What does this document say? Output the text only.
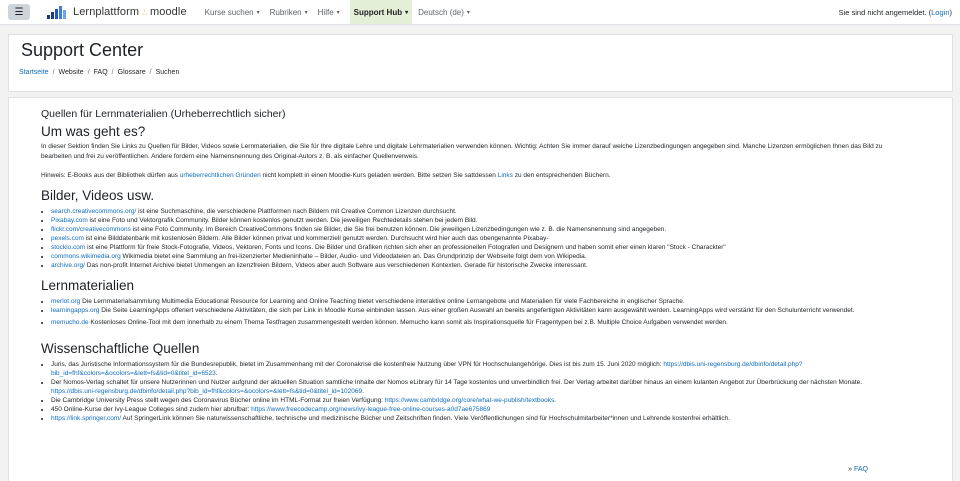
☰	Lernplattform ∴ moodle Kurse suchen ▾ Rubriken ▾ Hilfe ▾ Support Hub ▾ Deutsch (de) ▾	Sie sind nicht angemeldet. ( Login )
Support Center
Startseite / Website / FAQ / Glossare / Suchen
Quellen für Lernmaterialien (Urheberrechtlich sicher)
Um was geht es?

In dieser Sektion finden Sie Links zu Quellen für Bilder, Videos sowie Lernmaterialien, die Sie für Ihre digitale Lehre und digitale Lehrmaterialien verwenden können. Wichtig: Achten Sie immer darauf welche Lizenzbedingungen angegeben sind. Manche Lizenzen ermöglichen Ihnen das Bild zu bearbeiten und frei zu veröffentlichen. Andere fordern eine Namensnennung des Original-Autors z. B. als einfacher Quellenverweis.

Hinweis: E-Books aus der Bibliothek dürfen aus urheberrechtlichen Gründen nicht komplett in einen Moodle-Kurs geladen werden. Bitte setzen Sie sattdessen Links zu den entsprechenden Büchern.

Bilder, Videos usw.
• search.creativecommons.org/ ist eine Suchmaschine, die verschiedene Plattformen nach Bildern mit Creative Common Lizenzen durchsucht.
• Pixabay.com ist eine Foto und Vektorgrafik Community. Bilder können kostenlos genutzt werden. Die jeweiligen Rechtedetails stehen bei jedem Bild.
• flickr.com/creativecommons ist eine Foto Community. Im Bereich CreativeCommons finden sie Bilder, die Sie frei benutzen können. Die jeweiligen Lizenzbedingungen wie z. B. die Namensnennung sind angegeben.
• pexels.com ist eine Bilddatenbank mit kostenlosen Bildern. Alle Bilder können privat und kommerziell genutzt werden. Durchsucht wird hier auch das obengenannte Pixabay-
• stockio.com ist eine Plattform für freie Stock-Fotografie, Videos, Vektoren, Fonts und Icons. Die Bilder und Grafiken richten sich eher an professionellen Fotografen und Designern und haben somit eher einen klaren "Stock - Charackter"
• commons.wikimedia.org Wikimedia bietet eine Sammlung an frei-lizenzierter Medieninhalte – Bilder, Audio- und Videodateien an. Das Grundprinzip der Webseite folgt dem von Wikipedia.
• archive.org/ Das non-profit Internet Archive bietet Unmengen an lizenzfreien Bildern, Videos aber auch Software aus verschiedenen Kontexten. Gerade für historische Zwecke interessant.
Lernmaterialien
• merlot.org Die Lernmaterialsammlung Multimedia Educational Resource for Learning and Online Teaching bietet verschiedene interaktive online Lernangebote und Materialien für viele Fachbereiche in englischer Sprache.
• learningapps.org Die Seite LearningApps offeriert verschiedene Aktivitäten, die sich per Link in Moodle Kurse einbinden lassen. Aus einer großen Auswahl an bereits angefertigten Aktivitäten kann ausgewählt werden. LearningApps wird verstärkt für den Schulunterricht verwendet.
• memucho.de Kostenloses Online-Tool mit dem innerhalb zu einem Thema Testfragen zusammengestellt werden können. Memucho kann somit als Inspirationsquelle für Fragentypen bei z.B. Multiple Choice Aufgaben verwendet werden.
Wissenschaftliche Quellen
• Juris, das Juristische Informationssystem für die Bundesrepublik, bietet im Zusammenhang mit der Coronakrise die kostenfreie Nutzung über VPN für Hochschulangehörige. Dies ist bis zum 15. Juni 2020 möglich: https://dbis.uni-regensburg.de/dbinfo/detail.php?bib_id=fhf&colors=&ocolors=&lett=fs&tid=0&titel_id=6523.
• Der Nomos-Verlag schaltet für unsere Nutzerinnen und Nutzer aufgrund der aktuellen Situation samtliche Inhalte der Nomos eLibrary für 14 Tage kostenlos und unverbindlich frei. Der Verlag arbeitet darüber hinaus an einem kulanten Angebot zur Überbrückung der nächsten Monate. https://dbis.uni-regensburg.de/dbinfo/detail.php?bib_id=fhf&colors=&ocolors=&lett=fs&tid=0&titel_id=102069.
• Die Cambridge University Press stellt wegen des Coronavirus Bücher online im HTML-Format zur freien Verfügung: https://www.cambridge.org/core/what-we-publish/textbooks.
• 450 Online-Kurse der Ivy-League Colleges sind zudem hier abrufbar: https://www.freecodecamp.org/news/ivy-league-free-online-courses-a0d7ae675869
• https://link.springer.com/ Auf SpringerLink können Sie naturwissenschaftliche, technische und medizinische Bücher und Zeitschriften finden. Viele Veröffentlichungen sind für Hochschulmitarbeiter*innen und Lehrende kostenfrei erhältlich.
» FAQ
